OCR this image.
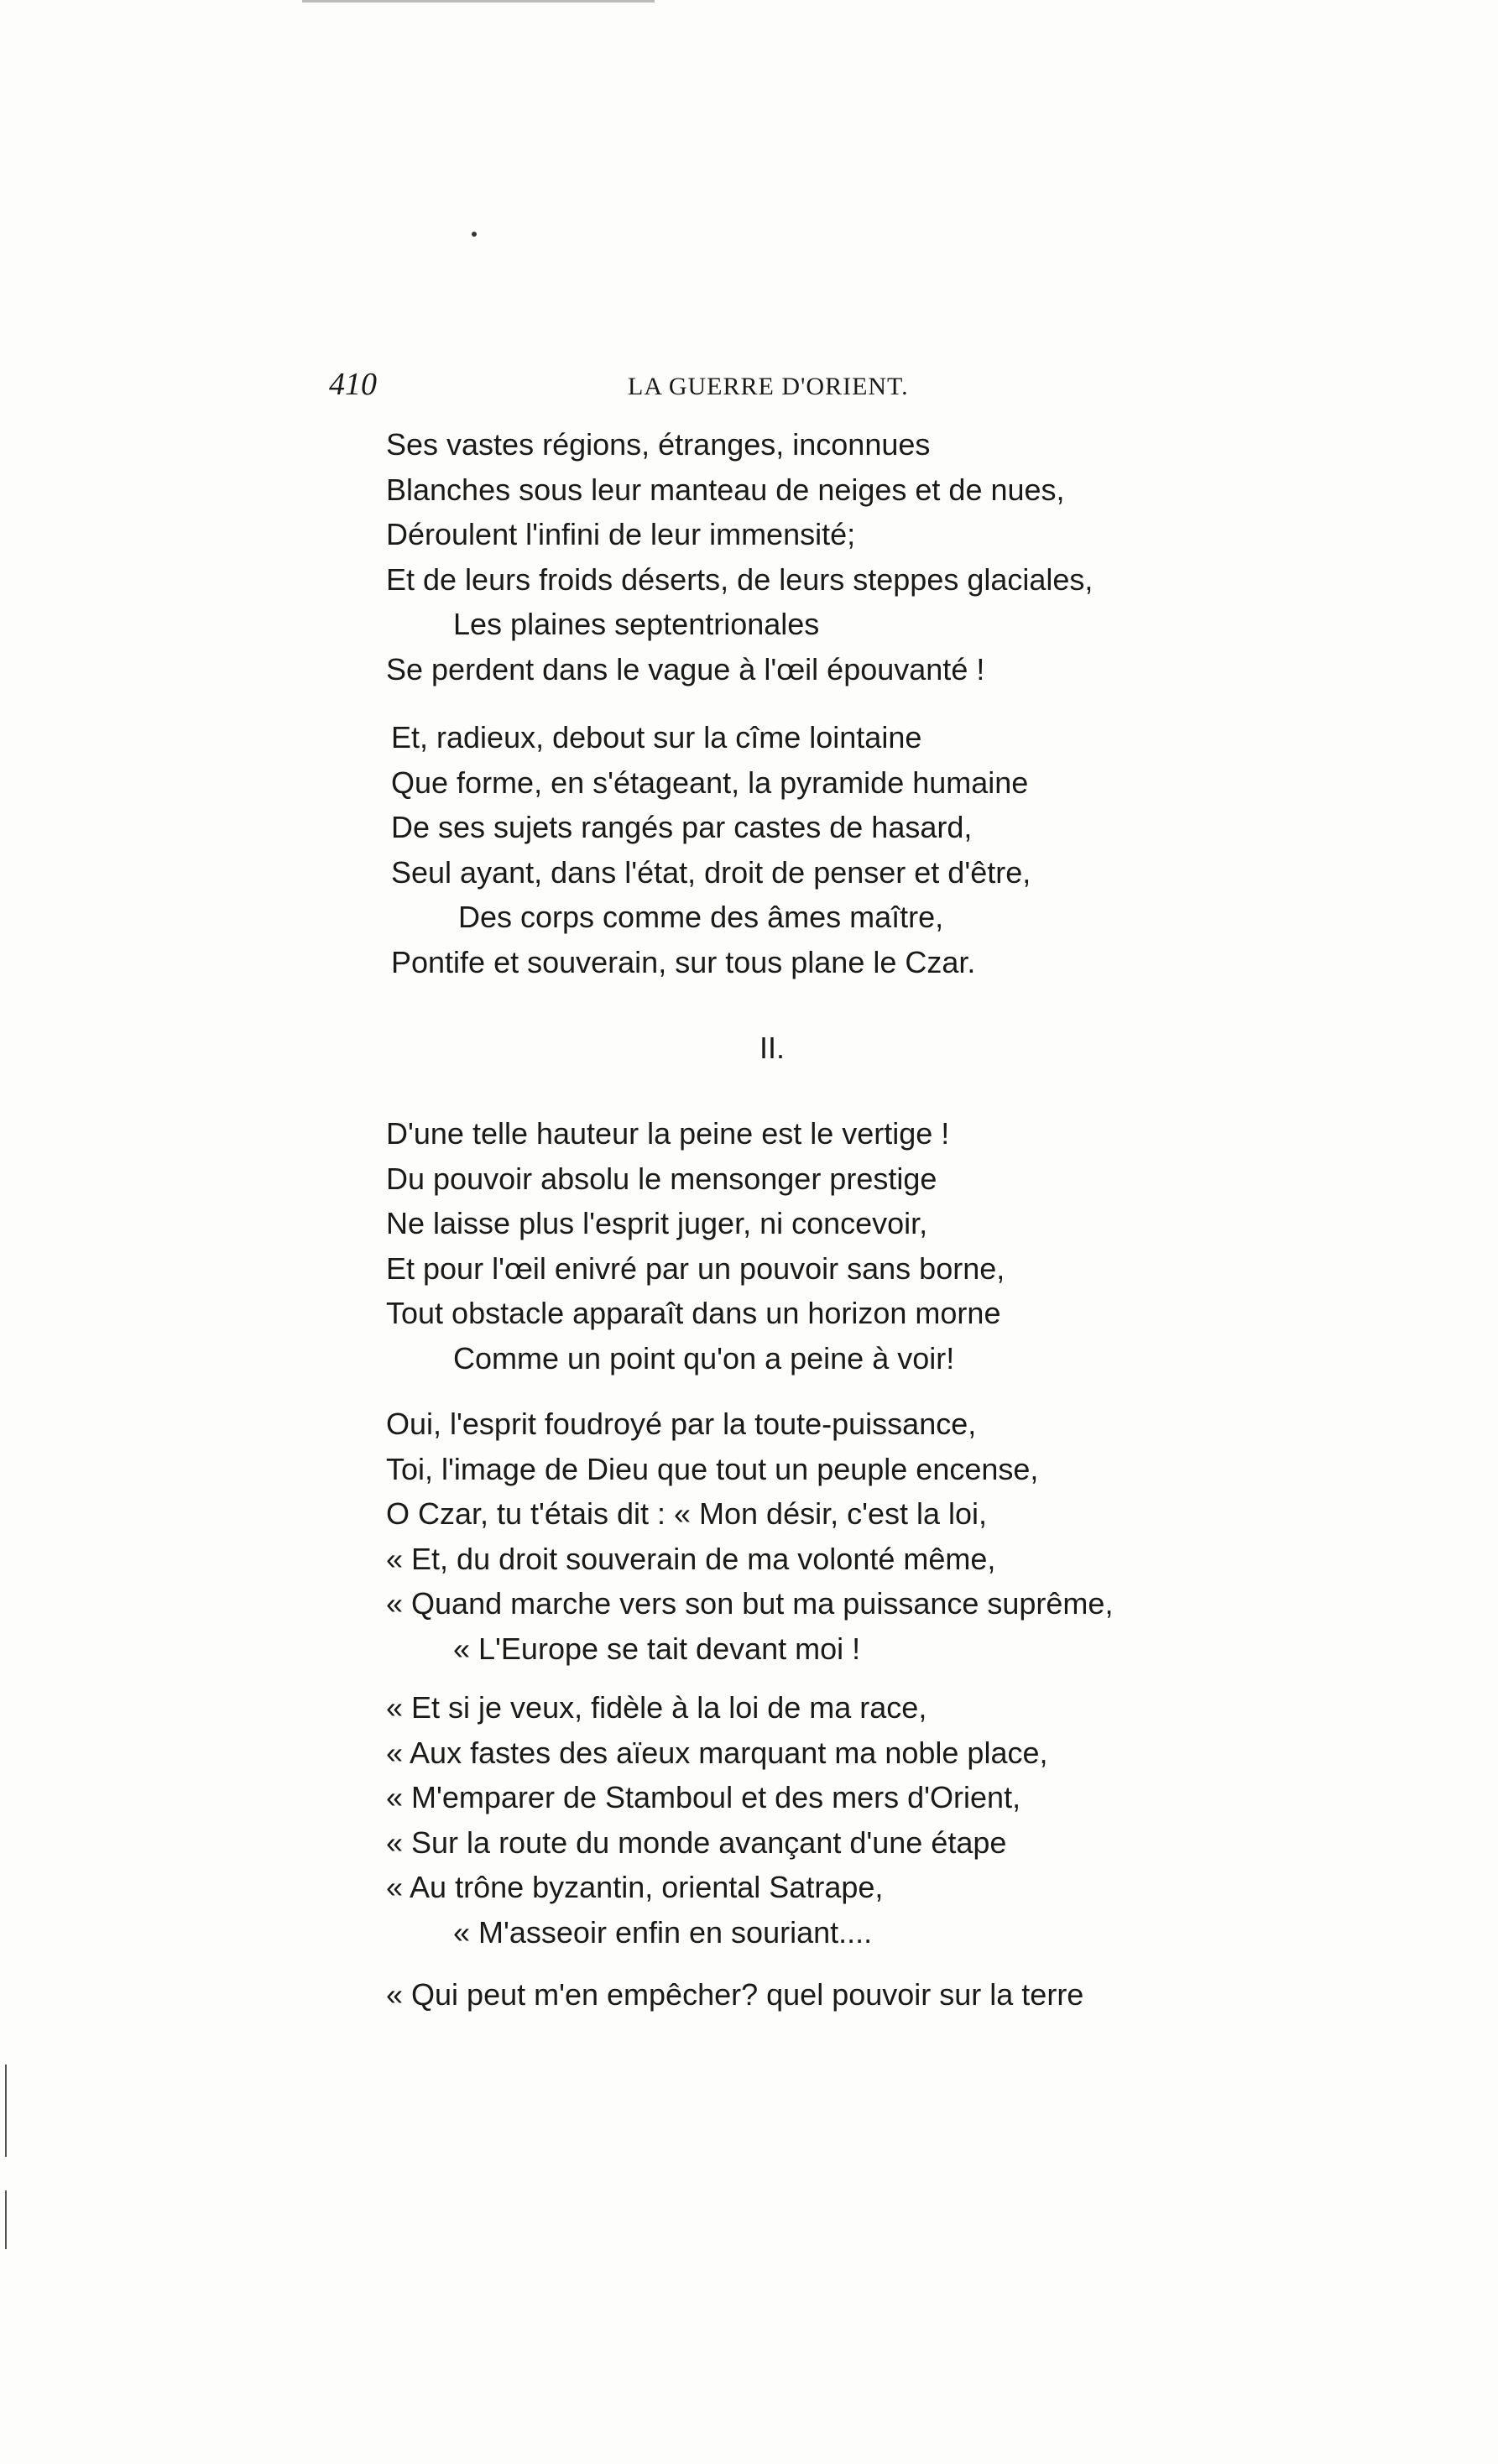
410	LA GUERRE D'ORIENT.
Ses vastes régions, étranges, inconnues
Blanches sous leur manteau de neiges et de nues,
Déroulent l'infini de leur immensité;
Et de leurs froids déserts, de leurs steppes glaciales,
Les plaines septentrionales
Se perdent dans le vague à l'œil épouvanté !
Et, radieux, debout sur la cîme lointaine
Que forme, en s'étageant, la pyramide humaine
De ses sujets rangés par castes de hasard,
Seul ayant, dans l'état, droit de penser et d'être,
Des corps comme des âmes maître,
Pontife et souverain, sur tous plane le Czar.
II.
D'une telle hauteur la peine est le vertige !
Du pouvoir absolu le mensonger prestige
Ne laisse plus l'esprit juger, ni concevoir,
Et pour l'œil enivré par un pouvoir sans borne,
Tout obstacle apparaît dans un horizon morne
Comme un point qu'on a peine à voir!
Oui, l'esprit foudroyé par la toute-puissance,
Toi, l'image de Dieu que tout un peuple encense,
O Czar, tu t'étais dit : « Mon désir, c'est la loi,
« Et, du droit souverain de ma volonté même,
« Quand marche vers son but ma puissance suprême,
« L'Europe se tait devant moi !
« Et si je veux, fidèle à la loi de ma race,
« Aux fastes des aïeux marquant ma noble place,
« M'emparer de Stamboul et des mers d'Orient,
« Sur la route du monde avançant d'une étape
« Au trône byzantin, oriental Satrape,
« M'asseoir enfin en souriant....
« Qui peut m'en empêcher? quel pouvoir sur la terre
